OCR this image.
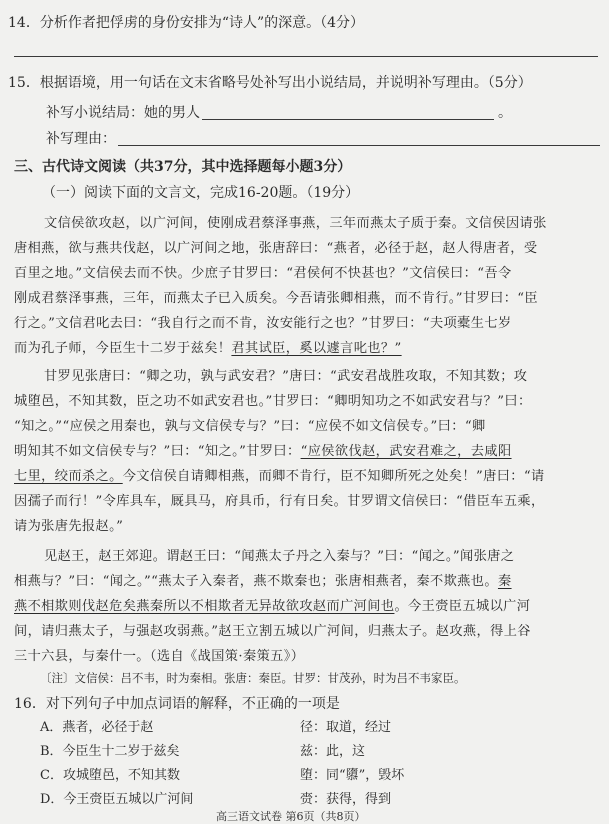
14．分析作者把俘虏的身份安排为“诗人”的深意。（4分）
15．根据语境，用一句话在文末省略号处补写出小说结局，并说明补写理由。（5分）
补写小说结局：她的男人	。
补写理由：
三、古代诗文阅读（共37分，其中选择题每小题3分）
（一）阅读下面的文言文，完成16-20题。（19分）
文信侯欲攻赵，以广河间，使刚成君蔡泽事燕，三年而燕太子质于秦。文信侯因请张
唐相燕，欲与燕共伐赵，以广河间之地，张唐辞曰：“燕者，必径于赵，赵人得唐者，受
百里之地。”文信侯去而不快。少庶子甘罗曰：“君侯何不快甚也？”文信侯曰：“吾令
刚成君蔡泽事燕，三年，而燕太子已入质矣。今吾请张卿相燕，而不肯行。”甘罗曰：“臣
行之。”文信君叱去曰：“我自行之而不肯，汝安能行之也？”甘罗曰：“夫项橐生七岁
而为孔子师，今臣生十二岁于兹矣！君其试臣，奚以遽言叱也？”
甘罗见张唐曰：“卿之功，孰与武安君？”唐曰：“武安君战胜攻取，不知其数；攻
城堕邑，不知其数，臣之功不如武安君也。”甘罗曰：“卿明知功之不如武安君与？”曰：
“知之。”“应侯之用秦也，孰与文信侯专与？”曰：“应侯不如文信侯专。”曰：“卿
明知其不如文信侯专与？”曰：“知之。”甘罗曰：“应侯欲伐赵，武安君难之，去咸阳
七里，绞而杀之。今文信侯自请卿相燕，而卿不肯行，臣不知卿所死之处矣！”唐曰：“请
因孺子而行！”令库具车，厩具马，府具币，行有日矣。甘罗谓文信侯曰：“借臣车五乘，
请为张唐先报赵。”
见赵王，赵王郊迎。谓赵王曰：“闻燕太子丹之入秦与？”曰：“闻之。”闻张唐之
相燕与？”曰：“闻之。”“燕太子入秦者，燕不欺秦也；张唐相燕者，秦不欺燕也。秦
燕不相欺则伐赵危矣燕秦所以不相欺者无异故欲攻赵而广河间也。今王赍臣五城以广河
间，请归燕太子，与强赵攻弱燕。”赵王立割五城以广河间，归燕太子。赵攻燕，得上谷
三十六县，与秦什一。（选自《战国策·秦策五》）
〔注〕文信侯：吕不韦，时为秦相。张唐：秦臣。甘罗：甘茂孙，时为吕不韦家臣。
16．对下列句子中加点词语的解释，不正确的一项是
A．燕者，必径于赵	径：取道，经过
B．今臣生十二岁于兹矣	兹：此，这
C．攻城堕邑，不知其数	堕：同“隳”，毁坏
D．今王赍臣五城以广河间	赍：获得，得到
高三语文试卷 第6页（共8页）
